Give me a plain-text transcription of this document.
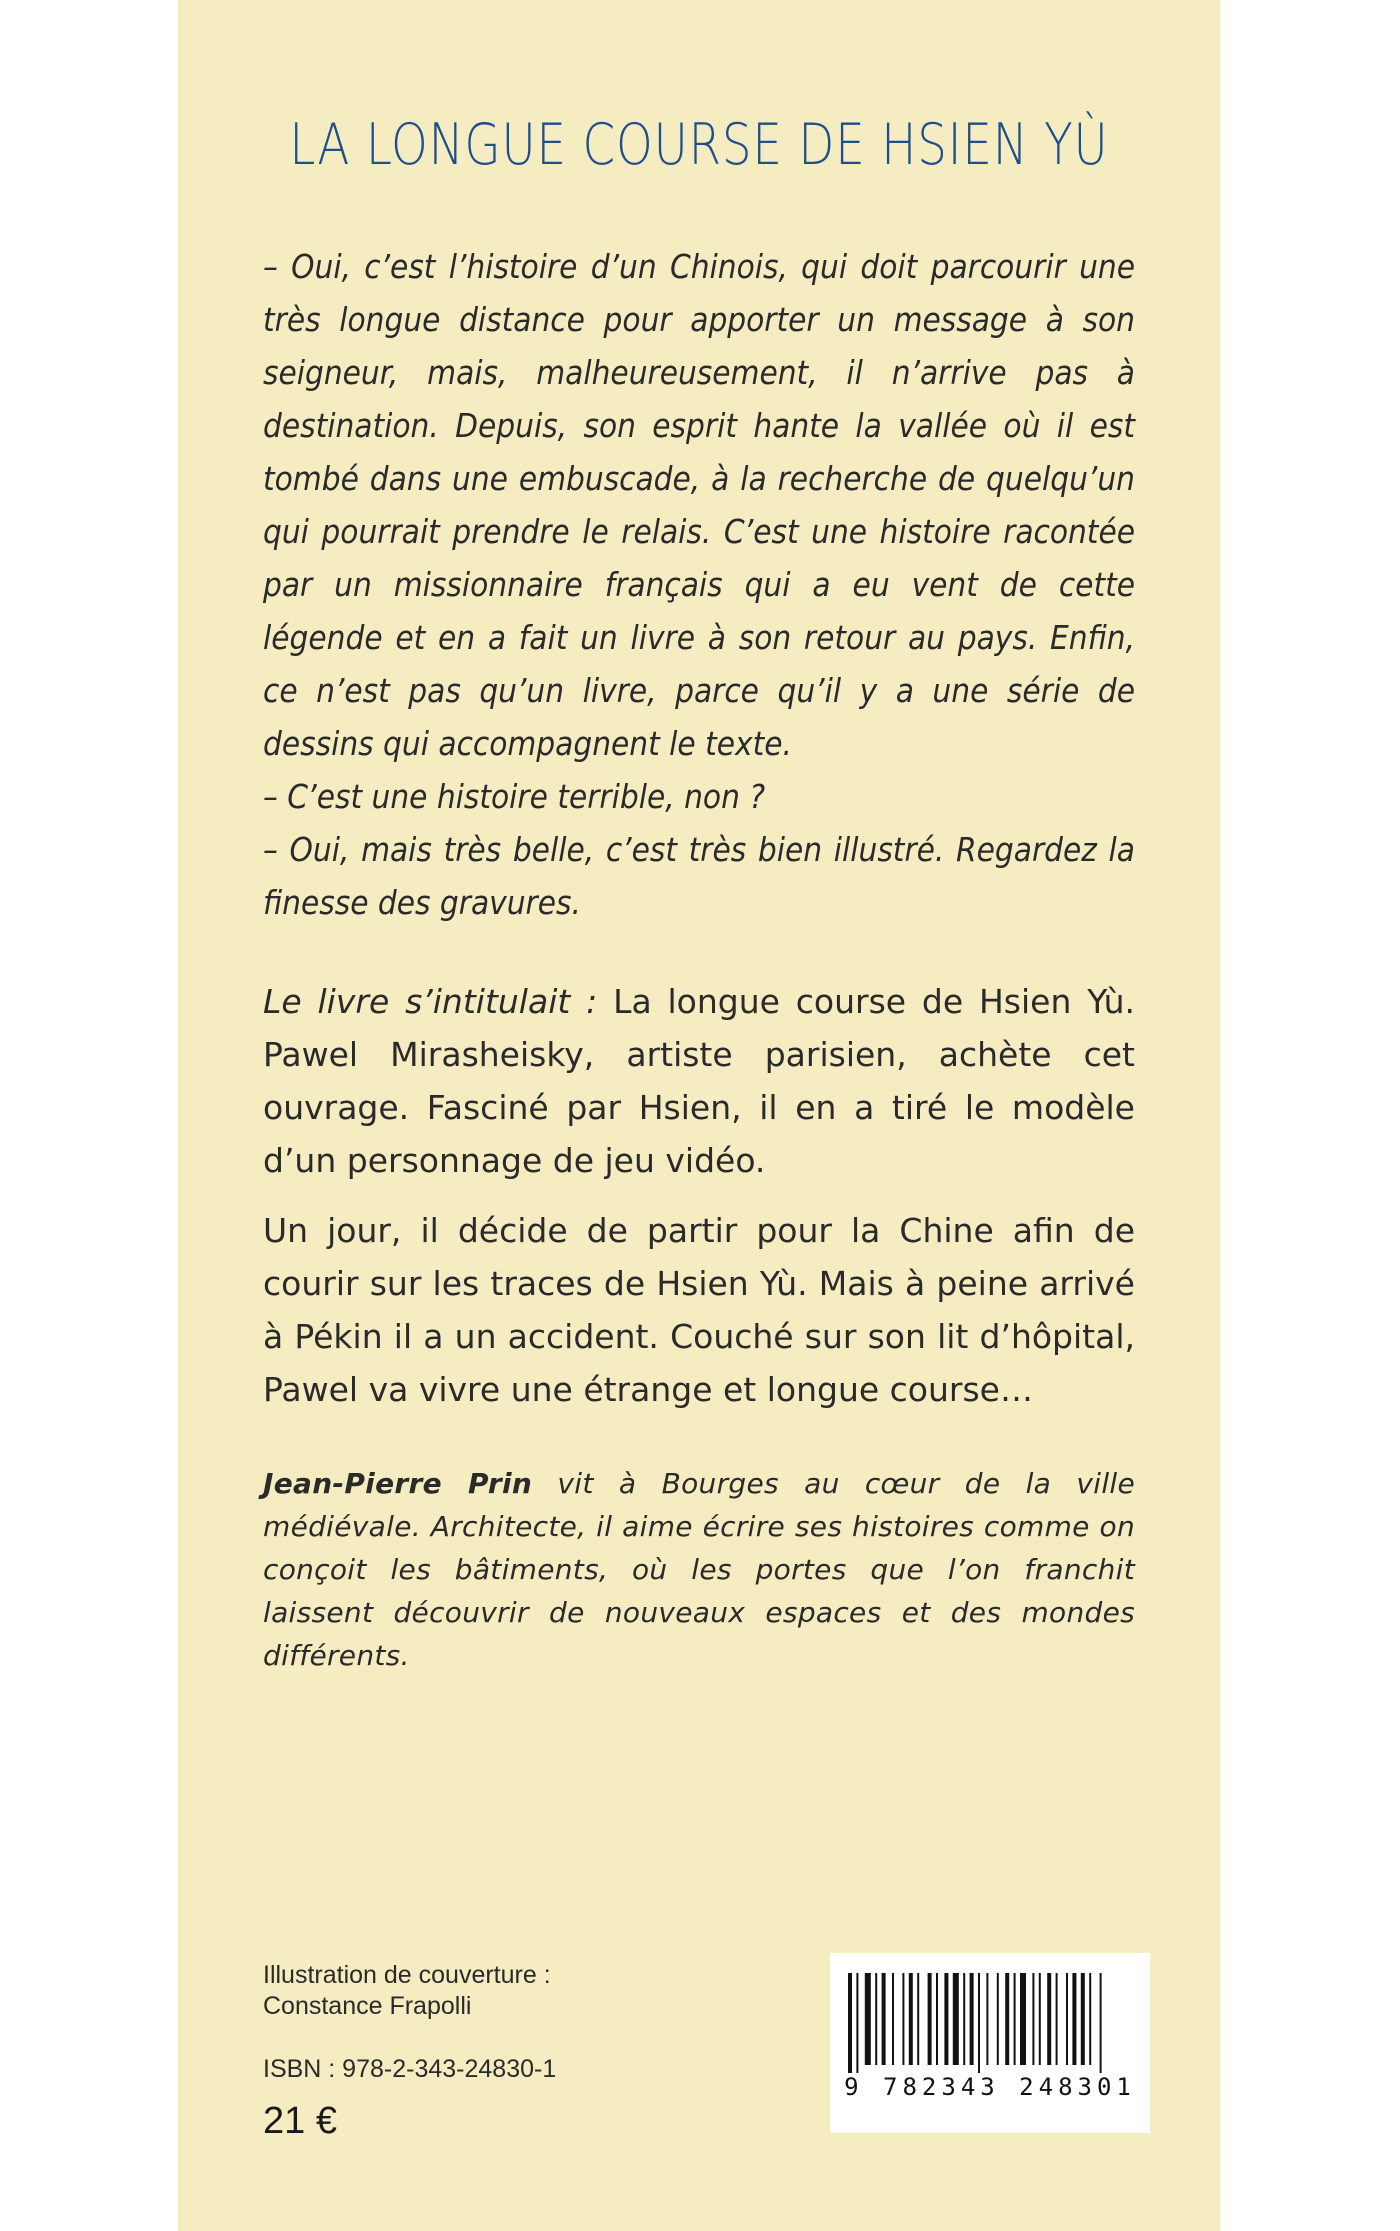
LA LONGUE COURSE DE HSIEN YÙ

– Oui, c’est l’histoire d’un Chinois, qui doit parcourir une très longue distance pour apporter un message à son seigneur, mais, malheureusement, il n’arrive pas à destination. Depuis, son esprit hante la vallée où il est tombé dans une embuscade, à la recherche de quelqu’un qui pourrait prendre le relais. C’est une histoire racontée par un missionnaire français qui a eu vent de cette légende et en a fait un livre à son retour au pays. Enfin, ce n’est pas qu’un livre, parce qu’il y a une série de dessins qui accompagnent le texte.

– C’est une histoire terrible, non ?

– Oui, mais très belle, c’est très bien illustré. Regardez la finesse des gravures.

Le livre s’intitulait : La longue course de Hsien Yù. Pawel Mirasheisky, artiste parisien, achète cet ouvrage. Fasciné par Hsien, il en a tiré le modèle d’un personnage de jeu vidéo.

Un jour, il décide de partir pour la Chine afin de courir sur les traces de Hsien Yù. Mais à peine arrivé à Pékin il a un accident. Couché sur son lit d’hôpital, Pawel va vivre une étrange et longue course…

Jean-Pierre Prin vit à Bourges au cœur de la ville médiévale. Architecte, il aime écrire ses histoires comme on conçoit les bâtiments, où les portes que l’on franchit laissent découvrir de nouveaux espaces et des mondes différents.
Illustration de couverture :
Constance Frapolli
ISBN : 978-2-343-24830-1
21 €
9 782343 248301
